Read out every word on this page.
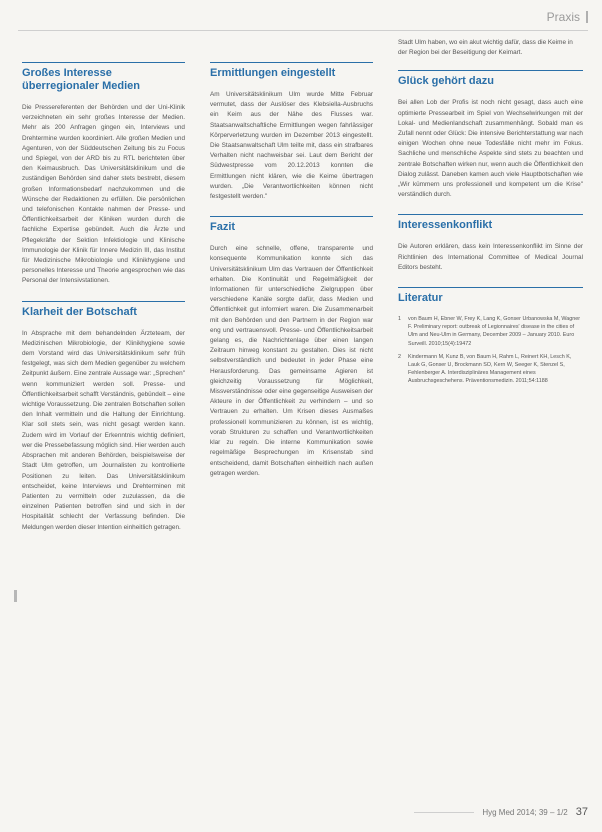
Praxis
Großes Interesse überregionaler Medien

Die Pressereferenten der Behörden und der Uni-Klinik verzeichneten ein sehr großes Interesse der Medien. Mehr als 200 Anfragen gingen ein, Interviews und Drehtermine wurden koordiniert. Alle großen Medien und Agenturen, von der Süddeutschen Zeitung bis zu Focus und Spiegel, von der ARD bis zu RTL berichteten über den Keimausbruch. Das Universitätsklinikum und die zuständigen Behörden sind daher stets bestrebt, diesem großen Informationsbedarf nachzukommen und die Wünsche der Redaktionen zu erfüllen. Die persönlichen und telefonischen Kontakte nahmen der Presse- und Öffentlichkeitsarbeit der Kliniken wurden durch die fachliche Expertise gebündelt. Auch die Ärzte und Pflegekräfte der Sektion Infektiologie und Klinische Immunologie der Klinik für Innere Medizin III, das Institut für Medizinische Mikrobiologie und Klinikhygiene und personelles Interesse und Theorie angesprochen wie das Personal der Intensivstationen.

Klarheit der Botschaft

In Absprache mit dem behandelnden Ärzteteam, der Medizinischen Mikrobiologie, der Klinikhygiene sowie dem Vorstand wird das Universitätsklinikum sehr früh festgelegt, was sich dem Medien gegenüber zu welchem Zeitpunkt äußern. Eine zentrale Aussage war: „Sprechen" wenn kommuniziert werden soll. Presse- und Öffentlichkeitsarbeit schafft Verständnis, gebündelt – eine wichtige Voraussetzung. Die zentralen Botschaften sollen den Inhalt vermitteln und die Haltung der Einrichtung. Klar soll stets sein, was nicht gesagt werden kann. Zudem wird im Vorlauf der Erkenntnis wichtig definiert, wer die Pressebefassung möglich sind. Hier werden auch Absprachen mit anderen Behörden, beispielsweise der Stadt Ulm getroffen, um Journalisten zu kontrollierte Positionen zu leiten. Das Universitätsklinikum entscheidet, keine Interviews und Drehterminen mit Patienten zu vermitteln oder zuzulassen, da die einzelnen Patienten betroffen sind und sich in der Hospitalität schlecht der Verfassung befinden. Die Meldungen werden dieser Intention einheitlich getragen.

Ermittlungen eingestellt

Am Universitätsklinikum Ulm wurde Mitte Februar vermutet, dass der Auslöser des Klebsiella-Ausbruchs ein Keim aus der Nähe des Flusses war. Staatsanwaltschaftliche Ermittlungen wegen fahrlässiger Körperverletzung wurden im Dezember 2013 eingestellt. Die Staatsanwaltschaft Ulm teilte mit, dass ein strafbares Verhalten nicht nachweisbar sei. Laut dem Bericht der Südwestpresse vom 20.12.2013 konnten die Ermittlungen nicht klären, wie die Keime übertragen wurden. „Die Verantwortlichkeiten können nicht festgestellt werden."

Fazit

Durch eine schnelle, offene, transparente und konsequente Kommunikation konnte sich das Universitätsklinikum Ulm das Vertrauen der Öffentlichkeit erhalten. Die Kontinuität und Regelmäßigkeit der Informationen für unterschiedliche Zielgruppen über verschiedene Kanäle sorgte dafür, dass Medien und Öffentlichkeit gut informiert waren. Die Zusammenarbeit mit den Behörden und den Partnern in der Region war eng und vertrauensvoll. Presse- und Öffentlichkeitsarbeit gelang es, die Nachrichtenlage über einen langen Zeitraum hinweg konstant zu gestalten. Dies ist nicht selbstverständlich und bedeutet in jeder Phase eine Herausforderung. Das gemeinsame Agieren ist gleichzeitig Voraussetzung für Möglichkeit, Missverständnisse oder eine gegenseitige Ausweisen der Akteure in der Öffentlichkeit zu verhindern – und so Vertrauen zu erhalten. Um Krisen dieses Ausmaßes professionell kommunizieren zu können, ist es wichtig, vorab Strukturen zu schaffen und Verantwortlichkeiten klar zu regeln. Die interne Kommunikation sowie regelmäßige Besprechungen im Krisenstab sind entscheidend, damit Botschaften einheitlich nach außen getragen werden.

Stadt Ulm haben, wo ein akut wichtig dafür, dass die Keime in der Region bei der Beseitigung der Keimart.

Glück gehört dazu

Bei allen Lob der Profis ist noch nicht gesagt, dass auch eine optimierte Pressearbeit im Spiel von Wechselwirkungen mit der Lokal- und Medienlandschaft zusammenhängt. Sobald man es Zufall nennt oder Glück: Die intensive Berichterstattung war nach einigen Wochen ohne neue Todesfälle nicht mehr im Fokus. Sachliche und menschliche Aspekte sind stets zu beachten und zentrale Botschaften wirken nur, wenn auch die Öffentlichkeit den Dialog zulässt. Daneben kamen auch viele Hauptbotschaften wie „Wir kümmern uns professionell und kompetent um die Krise" verständlich durch.

Interessenkonflikt

Die Autoren erklären, dass kein Interessenkonflikt im Sinne der Richtlinien des International Committee of Medical Journal Editors besteht.

Literatur
1	von Baum H, Ebner W, Frey K, Lang K, Gonser Urbanowska M, Wagner F. Preliminary report: outbreak of Legionnaires' disease in the cities of Ulm and Neu-Ulm in Germany, December 2009 – January 2010. Euro Surveill. 2010;15(4):19472
2	Kindermann M, Kunz B, von Baum H, Rahm L, Reinert KH, Lesch K, Lauk G, Gonser U, Brockmann SO, Kern W, Seeger K, Stenzel S, Fehlenberger A. Interdisziplinäres Management eines Ausbruchsgeschehens. Präventionsmedizin. 2011;54:1188
Hyg Med 2014; 39 – 1/2 37
